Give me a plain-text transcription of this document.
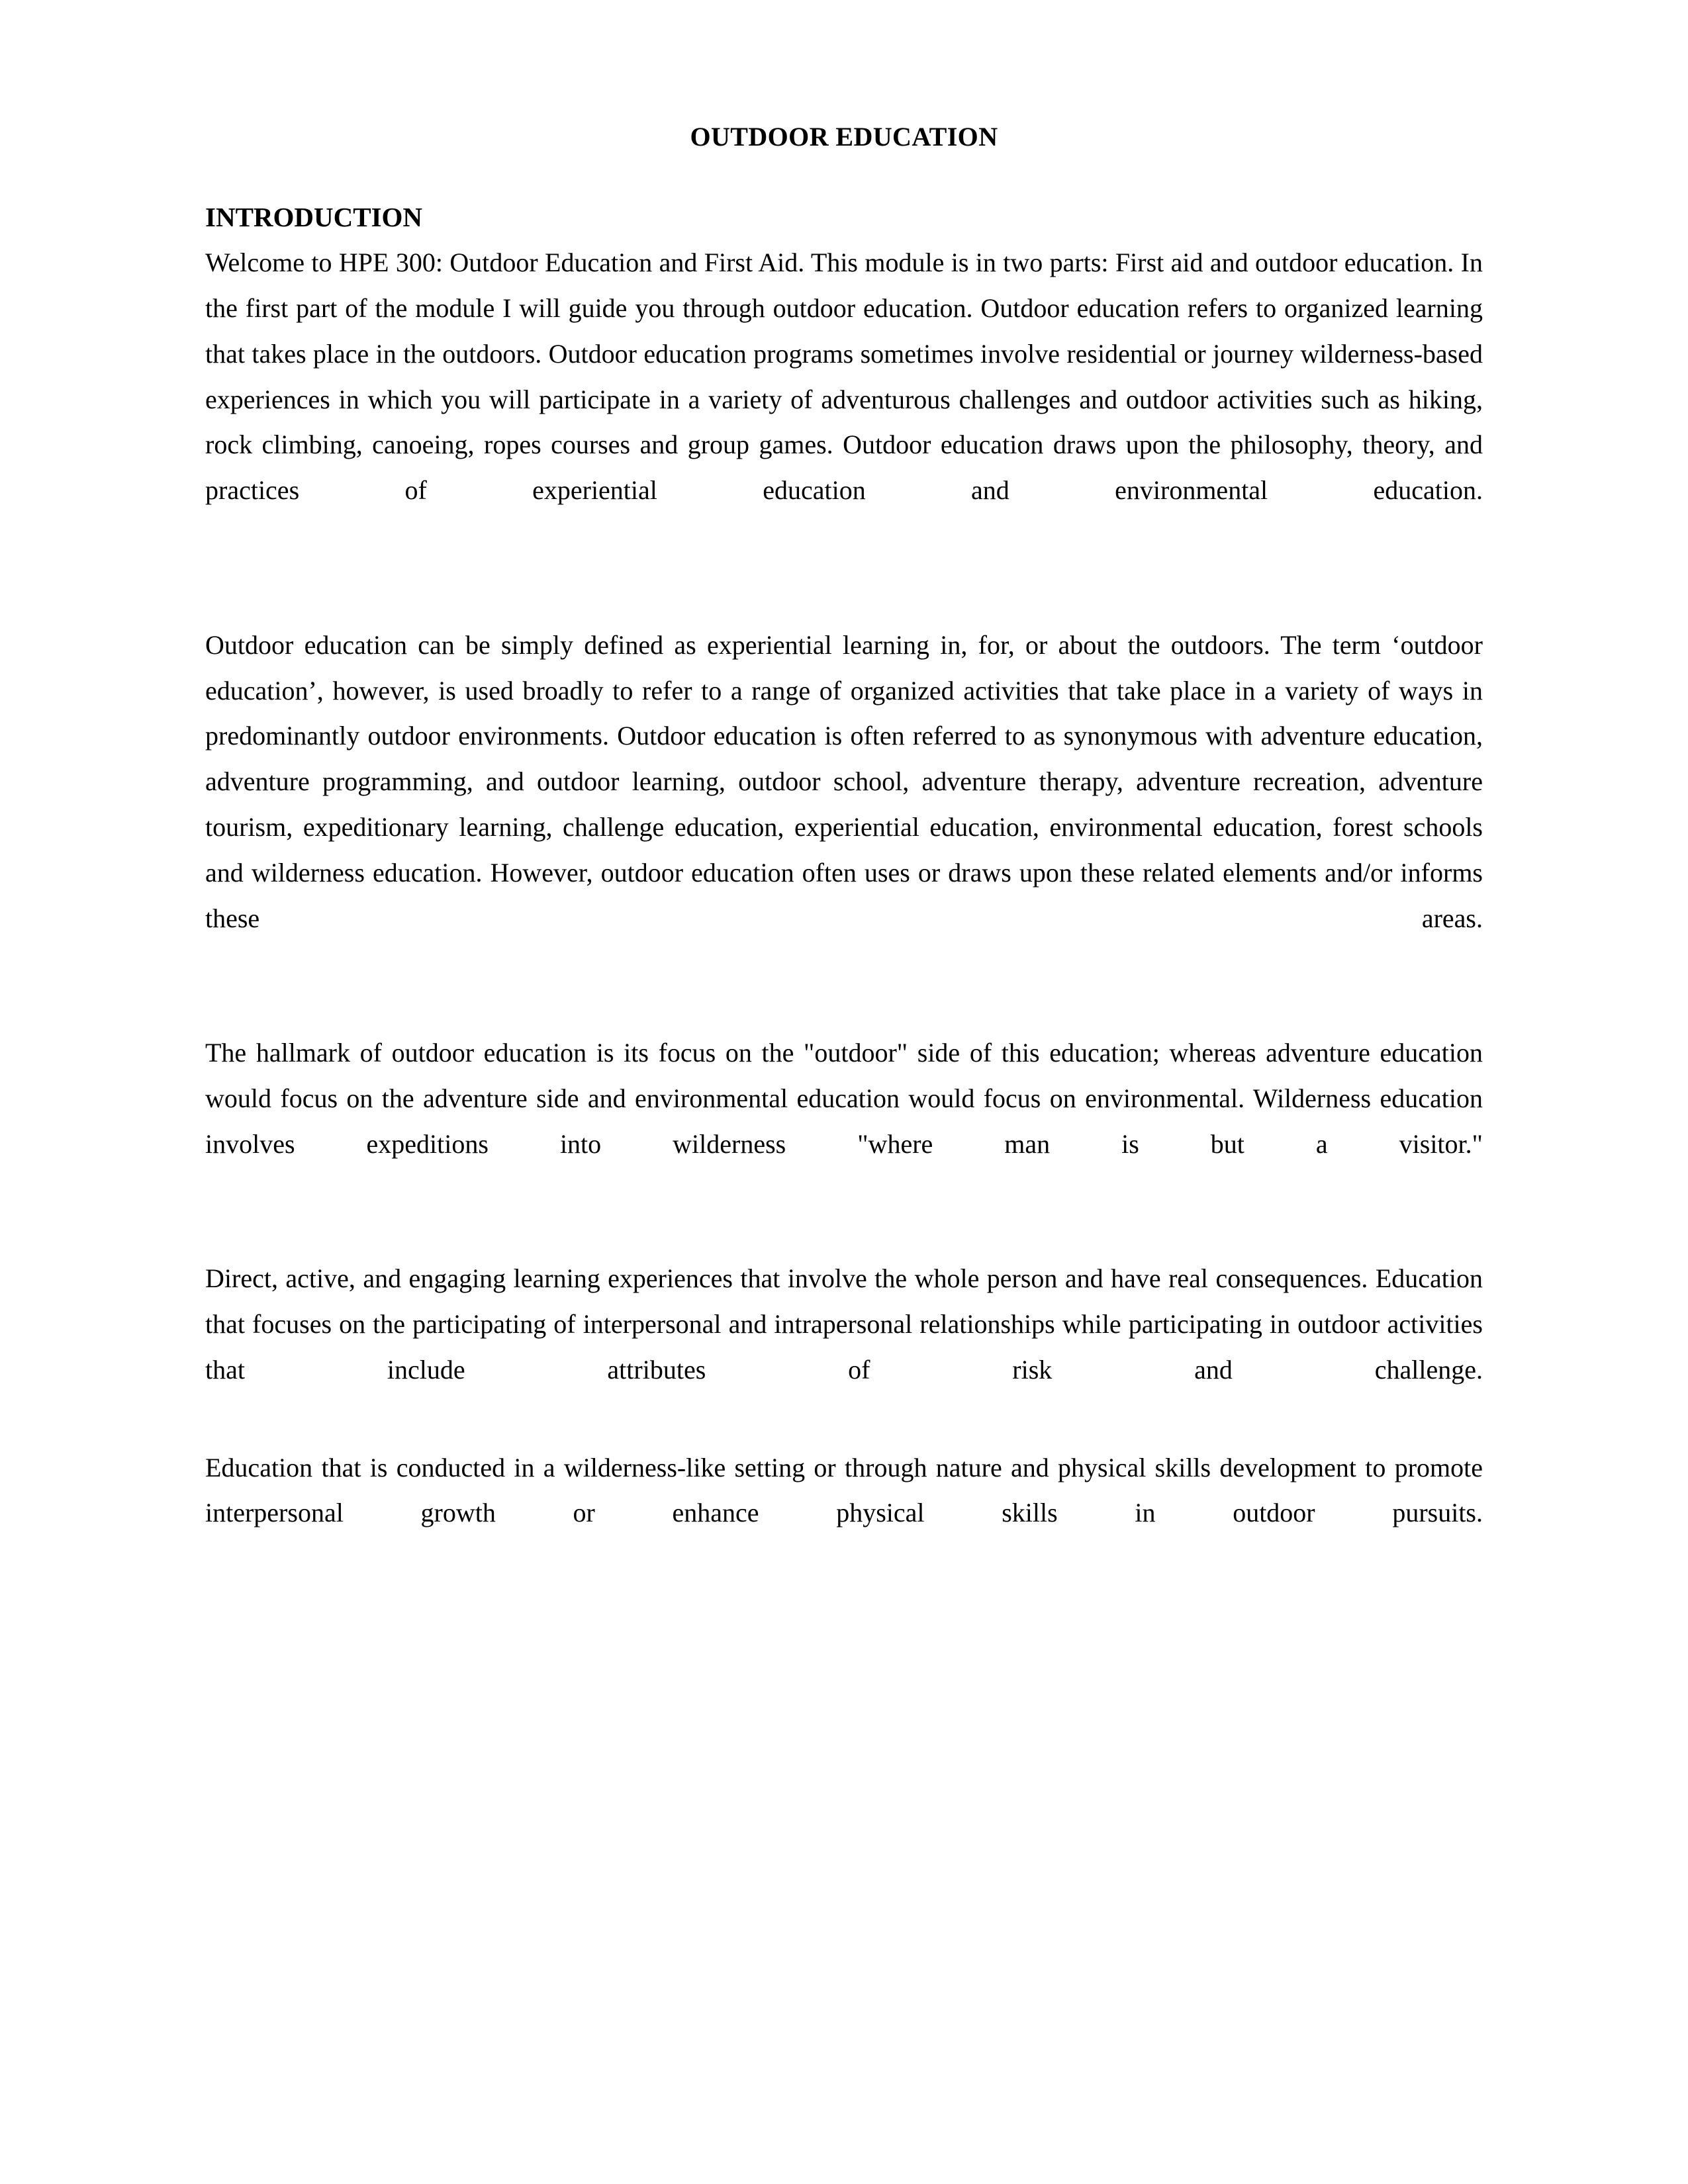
OUTDOOR EDUCATION
INTRODUCTION

Welcome to HPE 300: Outdoor Education and First Aid. This module is in two parts: First aid and outdoor education. In the first part of the module I will guide you through outdoor education. Outdoor education refers to organized learning that takes place in the outdoors. Outdoor education programs sometimes involve residential or journey wilderness-based experiences in which you will participate in a variety of adventurous challenges and outdoor activities such as hiking, rock climbing, canoeing, ropes courses and group games. Outdoor education draws upon the philosophy, theory, and practices of experiential education and environmental education.

Outdoor education can be simply defined as experiential learning in, for, or about the outdoors. The term ‘outdoor education’, however, is used broadly to refer to a range of organized activities that take place in a variety of ways in predominantly outdoor environments. Outdoor education is often referred to as synonymous with adventure education, adventure programming, and outdoor learning, outdoor school, adventure therapy, adventure recreation, adventure tourism, expeditionary learning, challenge education, experiential education, environmental education, forest schools and wilderness education. However, outdoor education often uses or draws upon these related elements and/or informs these areas.

The hallmark of outdoor education is its focus on the "outdoor" side of this education; whereas adventure education would focus on the adventure side and environmental education would focus on environmental. Wilderness education involves expeditions into wilderness "where man is but a visitor."

Direct, active, and engaging learning experiences that involve the whole person and have real consequences. Education that focuses on the participating of interpersonal and intrapersonal relationships while participating in outdoor activities that include attributes of risk and challenge.

Education that is conducted in a wilderness-like setting or through nature and physical skills development to promote interpersonal growth or enhance physical skills in outdoor pursuits.
